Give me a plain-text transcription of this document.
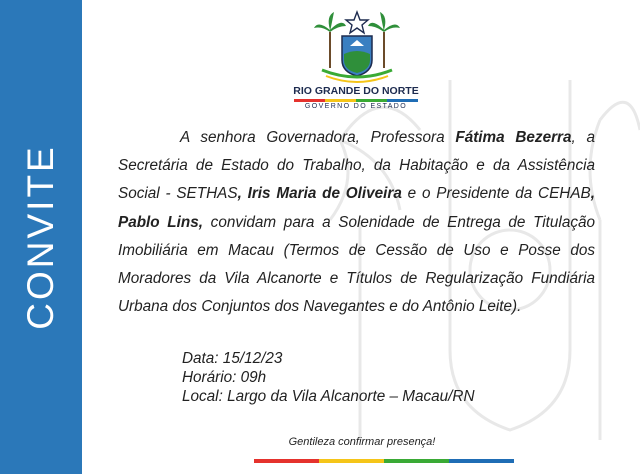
CONVITE
RIO GRANDE DO NORTE
GOVERNO DO ESTADO

A senhora Governadora, Professora Fátima Bezerra, a Secretária de Estado do Trabalho, da Habitação e da Assistência Social - SETHAS, Iris Maria de Oliveira e o Presidente da CEHAB, Pablo Lins, convidam para a Solenidade de Entrega de Titulação Imobiliária em Macau (Termos de Cessão de Uso e Posse dos Moradores da Vila Alcanorte e Títulos de Regularização Fundiária Urbana dos Conjuntos dos Navegantes e do Antônio Leite).

Data: 15/12/23
Horário: 09h
Local: Largo da Vila Alcanorte – Macau/RN
Gentileza confirmar presença!
